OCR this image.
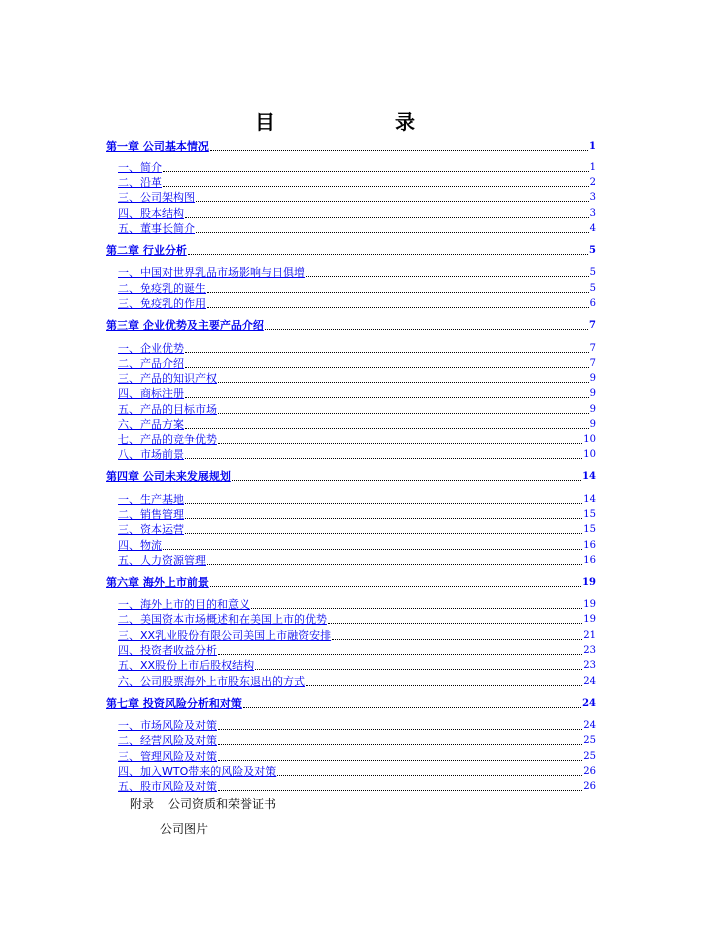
目　录
第一章 公司基本情况	1
一、简介	1
二、沿革	2
三、公司架构图	3
四、股本结构	3
五、董事长简介	4
第二章 行业分析	5
一、中国对世界乳品市场影响与日俱增	5
二、免疫乳的诞生	5
三、免疫乳的作用	6
第三章 企业优势及主要产品介绍	7
一、企业优势	7
二、产品介绍	7
三、产品的知识产权	9
四、商标注册	9
五、产品的目标市场	9
六、产品方案	9
七、产品的竞争优势	10
八、市场前景	10
第四章 公司未来发展规划	14
一、生产基地	14
二、销售管理	15
三、资本运营	15
四、物流	16
五、人力资源管理	16
第六章 海外上市前景	19
一、海外上市的目的和意义	19
二、美国资本市场概述和在美国上市的优势	19
三、XX乳业股份有限公司美国上市融资安排	21
四、投资者收益分析	23
五、XX股份上市后股权结构	23
六、公司股票海外上市股东退出的方式	24
第七章 投资风险分析和对策	24
一、市场风险及对策	24
二、经营风险及对策	25
三、管理风险及对策	25
四、加入WTO带来的风险及对策	26
五、股市风险及对策	26
附录 公司资质和荣誉证书
公司图片
